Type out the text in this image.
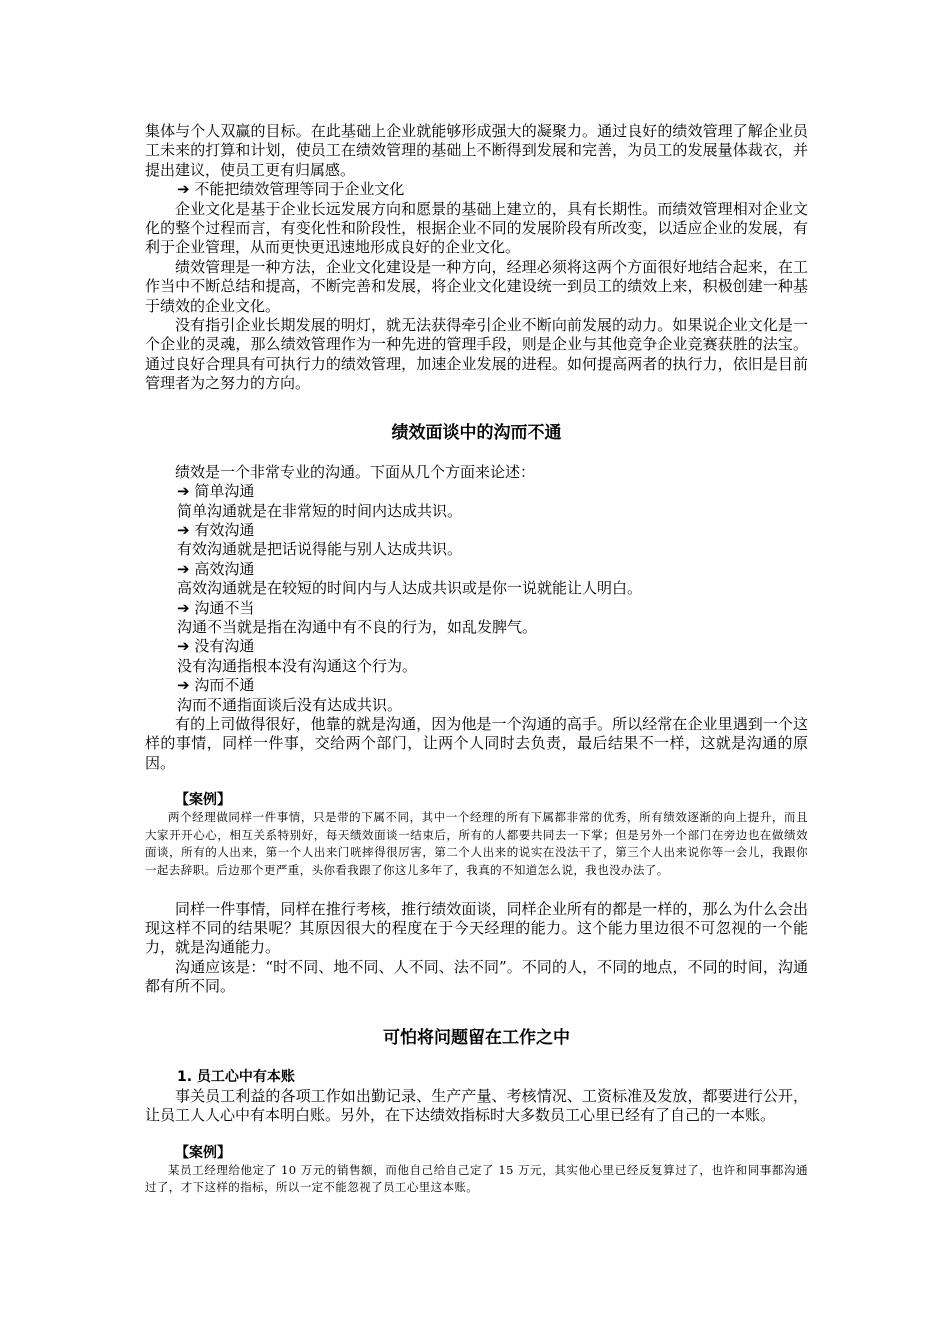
集体与个人双赢的目标。在此基础上企业就能够形成强大的凝聚力。通过良好的绩效管理了解企业员工未来的打算和计划，使员工在绩效管理的基础上不断得到发展和完善，为员工的发展量体裁衣，并提出建议，使员工更有归属感。

➔ 不能把绩效管理等同于企业文化

企业文化是基于企业长远发展方向和愿景的基础上建立的，具有长期性。而绩效管理相对企业文化的整个过程而言，有变化性和阶段性，根据企业不同的发展阶段有所改变，以适应企业的发展，有利于企业管理，从而更快更迅速地形成良好的企业文化。

绩效管理是一种方法，企业文化建设是一种方向，经理必须将这两个方面很好地结合起来，在工作当中不断总结和提高，不断完善和发展，将企业文化建设统一到员工的绩效上来，积极创建一种基于绩效的企业文化。

没有指引企业长期发展的明灯，就无法获得牵引企业不断向前发展的动力。如果说企业文化是一个企业的灵魂，那么绩效管理作为一种先进的管理手段，则是企业与其他竞争企业竞赛获胜的法宝。通过良好合理具有可执行力的绩效管理，加速企业发展的进程。如何提高两者的执行力，依旧是目前管理者为之努力的方向。

绩效面谈中的沟而不通

绩效是一个非常专业的沟通。下面从几个方面来论述：

➔ 简单沟通

简单沟通就是在非常短的时间内达成共识。

➔ 有效沟通

有效沟通就是把话说得能与别人达成共识。

➔ 高效沟通

高效沟通就是在较短的时间内与人达成共识或是你一说就能让人明白。

➔ 沟通不当

沟通不当就是指在沟通中有不良的行为，如乱发脾气。

➔ 没有沟通

没有沟通指根本没有沟通这个行为。

➔ 沟而不通

沟而不通指面谈后没有达成共识。

有的上司做得很好，他靠的就是沟通，因为他是一个沟通的高手。所以经常在企业里遇到一个这样的事情，同样一件事，交给两个部门，让两个人同时去负责，最后结果不一样，这就是沟通的原因。

【案例】

两个经理做同样一件事情，只是带的下属不同，其中一个经理的所有下属都非常的优秀，所有绩效逐渐的向上提升，而且大家开开心心，相互关系特别好，每天绩效面谈一结束后，所有的人都要共同去一下掌；但是另外一个部门在旁边也在做绩效面谈，所有的人出来，第一个人出来门咣摔得很厉害，第二个人出来的说实在没法干了，第三个人出来说你等一会儿，我跟你一起去辞职。后边那个更严重，头你看我跟了你这儿多年了，我真的不知道怎么说，我也没办法了。

同样一件事情，同样在推行考核，推行绩效面谈，同样企业所有的都是一样的，那么为什么会出现这样不同的结果呢？其原因很大的程度在于今天经理的能力。这个能力里边很不可忽视的一个能力，就是沟通能力。

沟通应该是：“时不同、地不同、人不同、法不同”。不同的人，不同的地点，不同的时间，沟通都有所不同。

可怕将问题留在工作之中

1. 员工心中有本账

事关员工利益的各项工作如出勤记录、生产产量、考核情况、工资标准及发放，都要进行公开，让员工人人心中有本明白账。另外，在下达绩效指标时大多数员工心里已经有了自己的一本账。

【案例】

某员工经理给他定了 10 万元的销售额，而他自己给自己定了 15 万元，其实他心里已经反复算过了，也许和同事都沟通过了，才下这样的指标，所以一定不能忽视了员工心里这本账。
